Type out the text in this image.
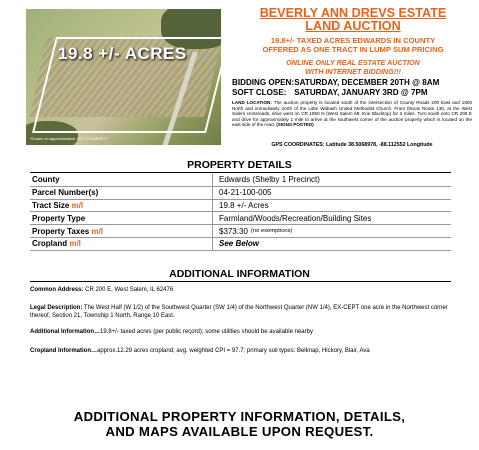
19.8 +/- ACRES
*Drawn on approximation. NOT A SURVEY*
BEVERLY ANN DREVS ESTATE
LAND AUCTION
19.8+/- TAXED ACRES EDWARDS IN COUNTY
OFFERED AS ONE TRACT IN LUMP SUM PRICING
ONLINE ONLY REAL ESTATE AUCTION
WITH INTERNET BIDDING!!!
BIDDING OPEN: SATURDAY, DECEMBER 20TH @ 8AM
SOFT CLOSE: SATURDAY, JANUARY 3RD @ 7PM
LAND LOCATION: The auction property is located south of the intersection of County Roads 200 East and 1800 North and immediately north of the Little Wabash United Methodist Church. From Illinois Route 130, at the West Salem crossroads, drive west on CR 1850 N (West Salem Mt. Erie Blacktop) for 3 miles. Turn south onto CR 200 E and drive for approximately 1 mile to arrive at the southwest corner of the auction property which is located on the east side of the road. (SIGNS POSTED)
GPS COORDINATES: Latitude 38.5068978, -88.112552 Longitude
PROPERTY DETAILS
County	Edwards (Shelby 1 Precinct)
Parcel Number(s)	04-21-100-005
Tract Size m/l	19.8 +/- Acres
Property Type	Farmland/Woods/Recreation/Building Sites
Property Taxes m/l	$373.30 (no exemptions)
Cropland m/l	See Below
ADDITIONAL INFORMATION
Common Address: CR 200 E, West Salem, IL 62476
Legal Description: The West Half (W 1/2) of the Southwest Quarter (SW 1/4) of the Northwest Quarter (NW 1/4), EX-CEPT one acre in the Northwest corner thereof, Section 21, Township 1 North, Range 10 East.
Additional Information…19.8+/- taxed acres (per public record); some utilities should be available nearby
Cropland Information…approx.12.29 acres cropland; avg. weighted CPI = 97.7; primary soil types: Belknap, Hickory, Blair, Ava
ADDITIONAL PROPERTY INFORMATION, DETAILS,
AND MAPS AVAILABLE UPON REQUEST.
